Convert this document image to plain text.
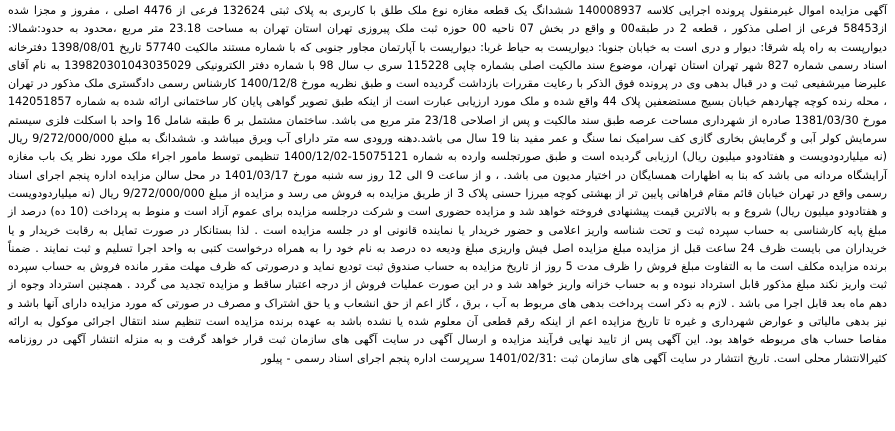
آگهی مزایده اموال غیرمنقول پرونده اجرایی کلاسه 140008937 ششدانگ یک قطعه مغازه نوع ملک طلق با کاربری به پلاک ثبتی 132624 فرعی از 4476 اصلی ، مفروز و مجزا شده از58453 فرعی از اصلی مذکور ، قطعه 2 در طبقه00 و واقع در بخش 07 ناحیه 00 حوزه ثبت ملک پیروزی تهران استان تهران به مساحت 23.18 متر مربع ،محدود به حدود:شمالا: دیوارپست به راه پله شرقا: دیوار و دری است به خیابان جنوبا: دیواریست به حیاط غربا: دیواریست با آپارتمان مجاور جنوبی که با شماره مستند مالکیت 57740 تاریخ 1398/08/01 دفترخانه اسناد رسمی شماره 827 شهر تهران استان تهران، موضوع سند مالکیت اصلی بشماره چاپی 115228 سری ب سال 98 با شماره دفتر الکترونیکی 139820301043035029 به نام آقای علیرضا میرشفیعی ثبت و در قبال بدهی وی در پرونده فوق الذکر با رعایت مقررات بازداشت گردیده است و طبق نظریه مورخ 1400/12/8 کارشناس رسمی دادگستری ملک مذکور در تهران ، محله رنده کوچه چهاردهم خیابان بسیج مستضعفین پلاک 44 واقع شده و ملک مورد ارزیابی عبارت است از اینکه طبق تصویر گواهی پایان کار ساختمانی ارائه شده به شماره 142051857 مورخ 1381/03/30 صادره از شهرداری مساحت عرصه طبق سند مالکیت و پس از اصلاحی 23/18 متر مربع می باشد. ساختمان مشتمل بر 6 طبقه شامل 16 واحد با اسکلت فلزی سیستم سرمایش کولر آبی و گرمایش بخاری گازی کف سرامیک نما سنگ و عمر مفید بنا 19 سال می باشد.دهنه ورودی سه متر دارای آب وبرق میباشد و. ششدانگ به مبلغ 9/272/000/000 ریال (نه میلیاردودویست و هفتادودو میلیون ریال) ارزیابی گردیده است و طبق صورتجلسه وارده به شماره 15075121-1400/12/02 تنظیمی توسط مامور اجراء ملک مورد نظر یک باب مغازه آرایشگاه مردانه می باشد که بنا به اظهارات همسایگان در اختیار مدیون می باشد. ، و از ساعت 9 الی 12 روز سه شنبه مورخ 1401/03/17 در محل سالن مزایده اداره پنجم اجرای اسناد رسمی واقع در تهران خیابان قائم مقام فراهانی پایین تر از بهشتی کوچه میرزا حسنی پلاک 3 از طریق مزایده به فروش می رسد و مزایده از مبلغ 9/272/000/000 ریال (نه میلیاردودویست و هفتادودو میلیون ریال) شروع و به بالاترین قیمت پیشنهادی فروخته خواهد شد و مزایده حضوری است و شرکت درجلسه مزایده برای عموم آزاد است و منوط به پرداخت (10 ده) درصد از مبلغ پایه کارشناسی به حساب سپرده ثبت و تحت شناسه واریز اعلامی و حضور خریدار یا نماینده قانونی او در جلسه مزایده است . لذا بستانکار در صورت تمایل به رقابت خریدار و یا خریداران می بایست ظرف 24 ساعت قبل از مزایده مبلغ مزایده اصل فیش واریزی مبلغ ودیعه ده درصد به نام خود را به همراه درخواست کتبی به واحد اجرا تسلیم و ثبت نمایند . ضمناً برنده مزایده مکلف است ما به التفاوت مبلغ فروش را ظرف مدت 5 روز از تاریخ مزایده به حساب صندوق ثبت تودیع نماید و درصورتی که ظرف مهلت مقرر مانده فروش به حساب سپرده ثبت واریز نکند مبلغ مذکور قابل استرداد نبوده و به حساب خزانه واریز خواهد شد و در این صورت عملیات فروش از درجه اعتبار ساقط و مزایده تجدید می گردد . همچنین استرداد وجوه از دهم ماه بعد قابل اجرا می باشد . لازم به ذکر است پرداخت بدهی های مربوط به آب ، برق ، گاز اعم از حق انشعاب و یا حق اشتراک و مصرف در صورتی که مورد مزایده دارای آنها باشد و نیز بدهی مالیاتی و عوارض شهرداری و غیره تا تاریخ مزایده اعم از اینکه رقم قطعی آن معلوم شده یا نشده باشد به عهده برنده مزایده است تنظیم سند انتقال اجرائی موکول به ارائه مفاصا حساب های مربوطه خواهد بود. این آگهی پس از تایید نهایی فرآیند مزایده و ارسال آگهی در سایت آگهی های سازمان ثبت قرار خواهد گرفت و به منزله انتشار آگهی در روزنامه کثیرالانتشار محلی است. تاریخ انتشار در سایت آگهی های سازمان ثبت :1401/02/31 سرپرست اداره پنجم اجرای اسناد رسمی - پیلور
